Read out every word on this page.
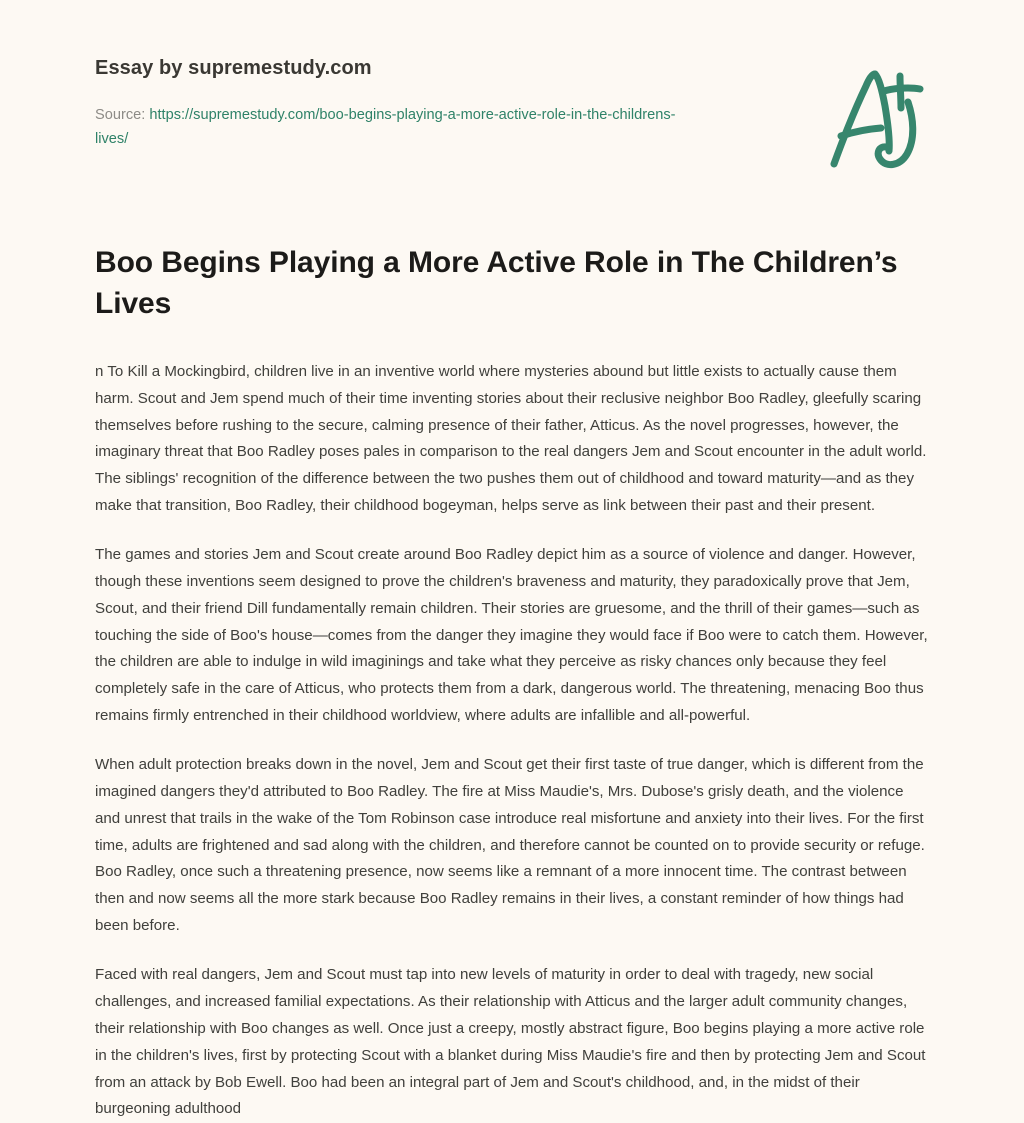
Essay by supremestudy.com
Source: https://supremestudy.com/boo-begins-playing-a-more-active-role-in-the-childrens-lives/
Boo Begins Playing a More Active Role in The Children’s Lives

n To Kill a Mockingbird, children live in an inventive world where mysteries abound but little exists to actually cause them harm. Scout and Jem spend much of their time inventing stories about their reclusive neighbor Boo Radley, gleefully scaring themselves before rushing to the secure, calming presence of their father, Atticus. As the novel progresses, however, the imaginary threat that Boo Radley poses pales in comparison to the real dangers Jem and Scout encounter in the adult world. The siblings' recognition of the difference between the two pushes them out of childhood and toward maturity—and as they make that transition, Boo Radley, their childhood bogeyman, helps serve as link between their past and their present.

The games and stories Jem and Scout create around Boo Radley depict him as a source of violence and danger. However, though these inventions seem designed to prove the children's braveness and maturity, they paradoxically prove that Jem, Scout, and their friend Dill fundamentally remain children. Their stories are gruesome, and the thrill of their games—such as touching the side of Boo's house—comes from the danger they imagine they would face if Boo were to catch them. However, the children are able to indulge in wild imaginings and take what they perceive as risky chances only because they feel completely safe in the care of Atticus, who protects them from a dark, dangerous world. The threatening, menacing Boo thus remains firmly entrenched in their childhood worldview, where adults are infallible and all-powerful.

When adult protection breaks down in the novel, Jem and Scout get their first taste of true danger, which is different from the imagined dangers they'd attributed to Boo Radley. The fire at Miss Maudie's, Mrs. Dubose's grisly death, and the violence and unrest that trails in the wake of the Tom Robinson case introduce real misfortune and anxiety into their lives. For the first time, adults are frightened and sad along with the children, and therefore cannot be counted on to provide security or refuge. Boo Radley, once such a threatening presence, now seems like a remnant of a more innocent time. The contrast between then and now seems all the more stark because Boo Radley remains in their lives, a constant reminder of how things had been before.

Faced with real dangers, Jem and Scout must tap into new levels of maturity in order to deal with tragedy, new social challenges, and increased familial expectations. As their relationship with Atticus and the larger adult community changes, their relationship with Boo changes as well. Once just a creepy, mostly abstract figure, Boo begins playing a more active role in the children's lives, first by protecting Scout with a blanket during Miss Maudie's fire and then by protecting Jem and Scout from an attack by Bob Ewell. Boo had been an integral part of Jem and Scout's childhood, and, in the midst of their burgeoning adulthood
